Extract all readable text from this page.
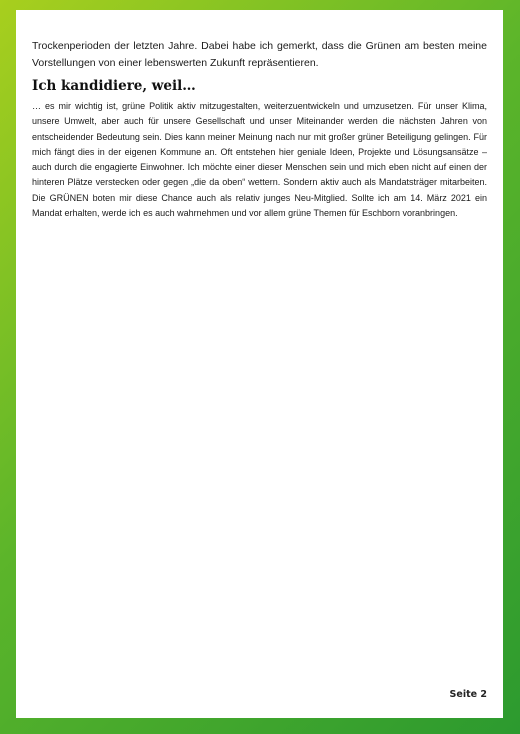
Trockenperioden der letzten Jahre. Dabei habe ich gemerkt, dass die Grünen am besten meine Vorstellungen von einer lebenswerten Zukunft repräsentieren.

Ich kandidiere, weil…

… es mir wichtig ist, grüne Politik aktiv mitzugestalten, weiterzuentwickeln und umzusetzen. Für unser Klima, unsere Umwelt, aber auch für unsere Gesellschaft und unser Miteinander werden die nächsten Jahren von entscheidender Bedeutung sein. Dies kann meiner Meinung nach nur mit großer grüner Beteiligung gelingen. Für mich fängt dies in der eigenen Kommune an. Oft entstehen hier geniale Ideen, Projekte und Lösungsansätze – auch durch die engagierte Einwohner. Ich möchte einer dieser Menschen sein und mich eben nicht auf einen der hinteren Plätze verstecken oder gegen „die da oben“ wettern. Sondern aktiv auch als Mandatsträger mitarbeiten. Die GRÜNEN boten mir diese Chance auch als relativ junges Neu-Mitglied. Sollte ich am 14. März 2021 ein Mandat erhalten, werde ich es auch wahrnehmen und vor allem grüne Themen für Eschborn voranbringen.

Seite 2
